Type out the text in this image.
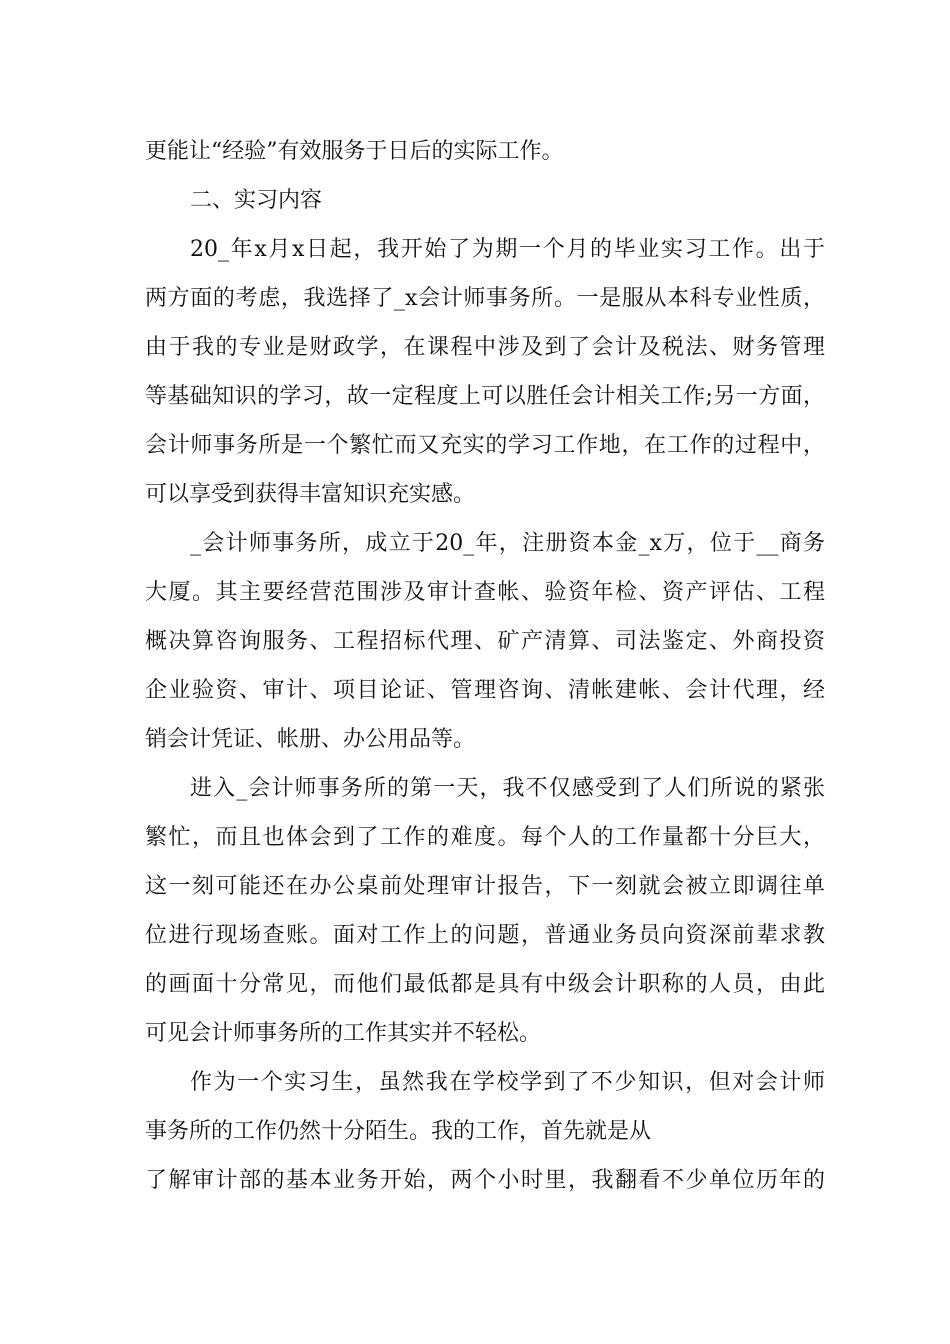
更能让“经验”有效服务于日后的实际工作。
二、实习内容
20_年x月x日起，我开始了为期一个月的毕业实习工作。出于
两方面的考虑，我选择了_x会计师事务所。一是服从本科专业性质，
由于我的专业是财政学，在课程中涉及到了会计及税法、财务管理
等基础知识的学习，故一定程度上可以胜任会计相关工作;另一方面，
会计师事务所是一个繁忙而又充实的学习工作地，在工作的过程中，
可以享受到获得丰富知识充实感。
_会计师事务所，成立于20_年，注册资本金_x万，位于__商务
大厦。其主要经营范围涉及审计查帐、验资年检、资产评估、工程
概决算咨询服务、工程招标代理、矿产清算、司法鉴定、外商投资
企业验资、审计、项目论证、管理咨询、清帐建帐、会计代理，经
销会计凭证、帐册、办公用品等。
进入_会计师事务所的第一天，我不仅感受到了人们所说的紧张
繁忙，而且也体会到了工作的难度。每个人的工作量都十分巨大，
这一刻可能还在办公桌前处理审计报告，下一刻就会被立即调往单
位进行现场查账。面对工作上的问题，普通业务员向资深前辈求教
的画面十分常见，而他们最低都是具有中级会计职称的人员，由此
可见会计师事务所的工作其实并不轻松。
作为一个实习生，虽然我在学校学到了不少知识，但对会计师
事务所的工作仍然十分陌生。我的工作，首先就是从
了解审计部的基本业务开始，两个小时里，我翻看不少单位历年的
